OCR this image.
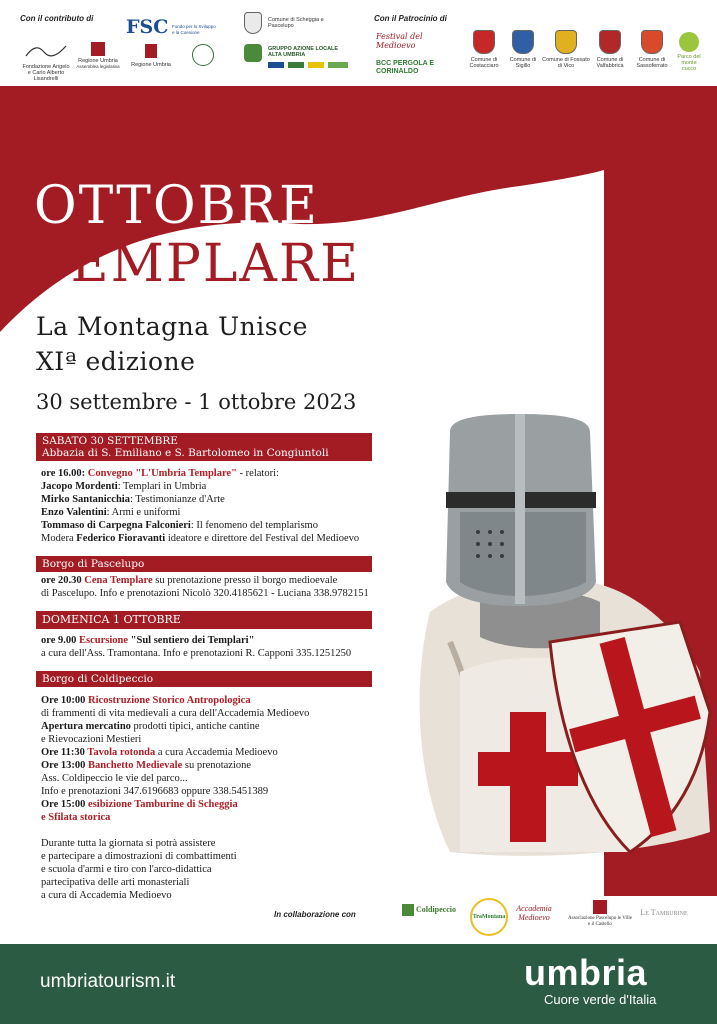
Con il contributo di	Con il Patrocinio di
Fondazione Angelo e Carlo Alberto Lisandrelli
Regione Umbria
Assemblea legislativa
FSC Fondo per lo Sviluppo e la Coesione
Regione Umbria
Comune di Scheggia e Pascelupo
GRUPPO AZIONE LOCALE ALTA UMBRIA
Festival del Medioevo
BCC PERGOLA E CORINALDO
Comune di Costacciaro
Comune di Sigillo
Comune di Fossato di Vico
Comune di Valfabbrica
Comune di Sassoferrato
Parco del monte cucco
OTTOBRE
TEMPLARE
La Montagna Unisce
XIª edizione
30 settembre - 1 ottobre 2023
SABATO 30 SETTEMBRE
Abbazia di S. Emiliano e S. Bartolomeo in Congiuntoli
ore 16.00: Convegno "L'Umbria Templare" - relatori:
Jacopo Mordenti: Templari in Umbria
Mirko Santanicchia: Testimonianze d'Arte
Enzo Valentini: Armi e uniformi
Tommaso di Carpegna Falconieri: Il fenomeno del templarismo
Modera Federico Fioravanti ideatore e direttore del Festival del Medioevo
Borgo di Pascelupo
ore 20.30 Cena Templare su prenotazione presso il borgo medioevale
di Pascelupo. Info e prenotazioni Nicolò 320.4185621 - Luciana 338.9782151
DOMENICA 1 OTTOBRE
ore 9.00 Escursione "Sul sentiero dei Templari"
a cura dell'Ass. Tramontana. Info e prenotazioni R. Capponi 335.1251250
Borgo di Coldipeccio
Ore 10:00 Ricostruzione Storico Antropologica
di frammenti di vita medievali a cura dell'Accademia Medioevo
Apertura mercatino prodotti tipici, antiche cantine
e Rievocazioni Mestieri
Ore 11:30 Tavola rotonda a cura Accademia Medioevo
Ore 13:00 Banchetto Medievale su prenotazione
Ass. Coldipeccio le vie del parco...
Info e prenotazioni 347.6196683 oppure 338.5451389
Ore 15:00 esibizione Tamburine di Scheggia
e Sfilata storica
Durante tutta la giornata si potrà assistere
e partecipare a dimostrazioni di combattimenti
e scuola d'armi e tiro con l'arco-didattica
partecipativa delle arti monasteriali
a cura di Accademia Medioevo
In collaborazione con
Coldipeccio
TraMontana
Accademia Medioevo	Associazione Pascelupo le Ville e il Castello
Le Tamburine
umbriatourism.it	umbria
Cuore verde d'Italia
